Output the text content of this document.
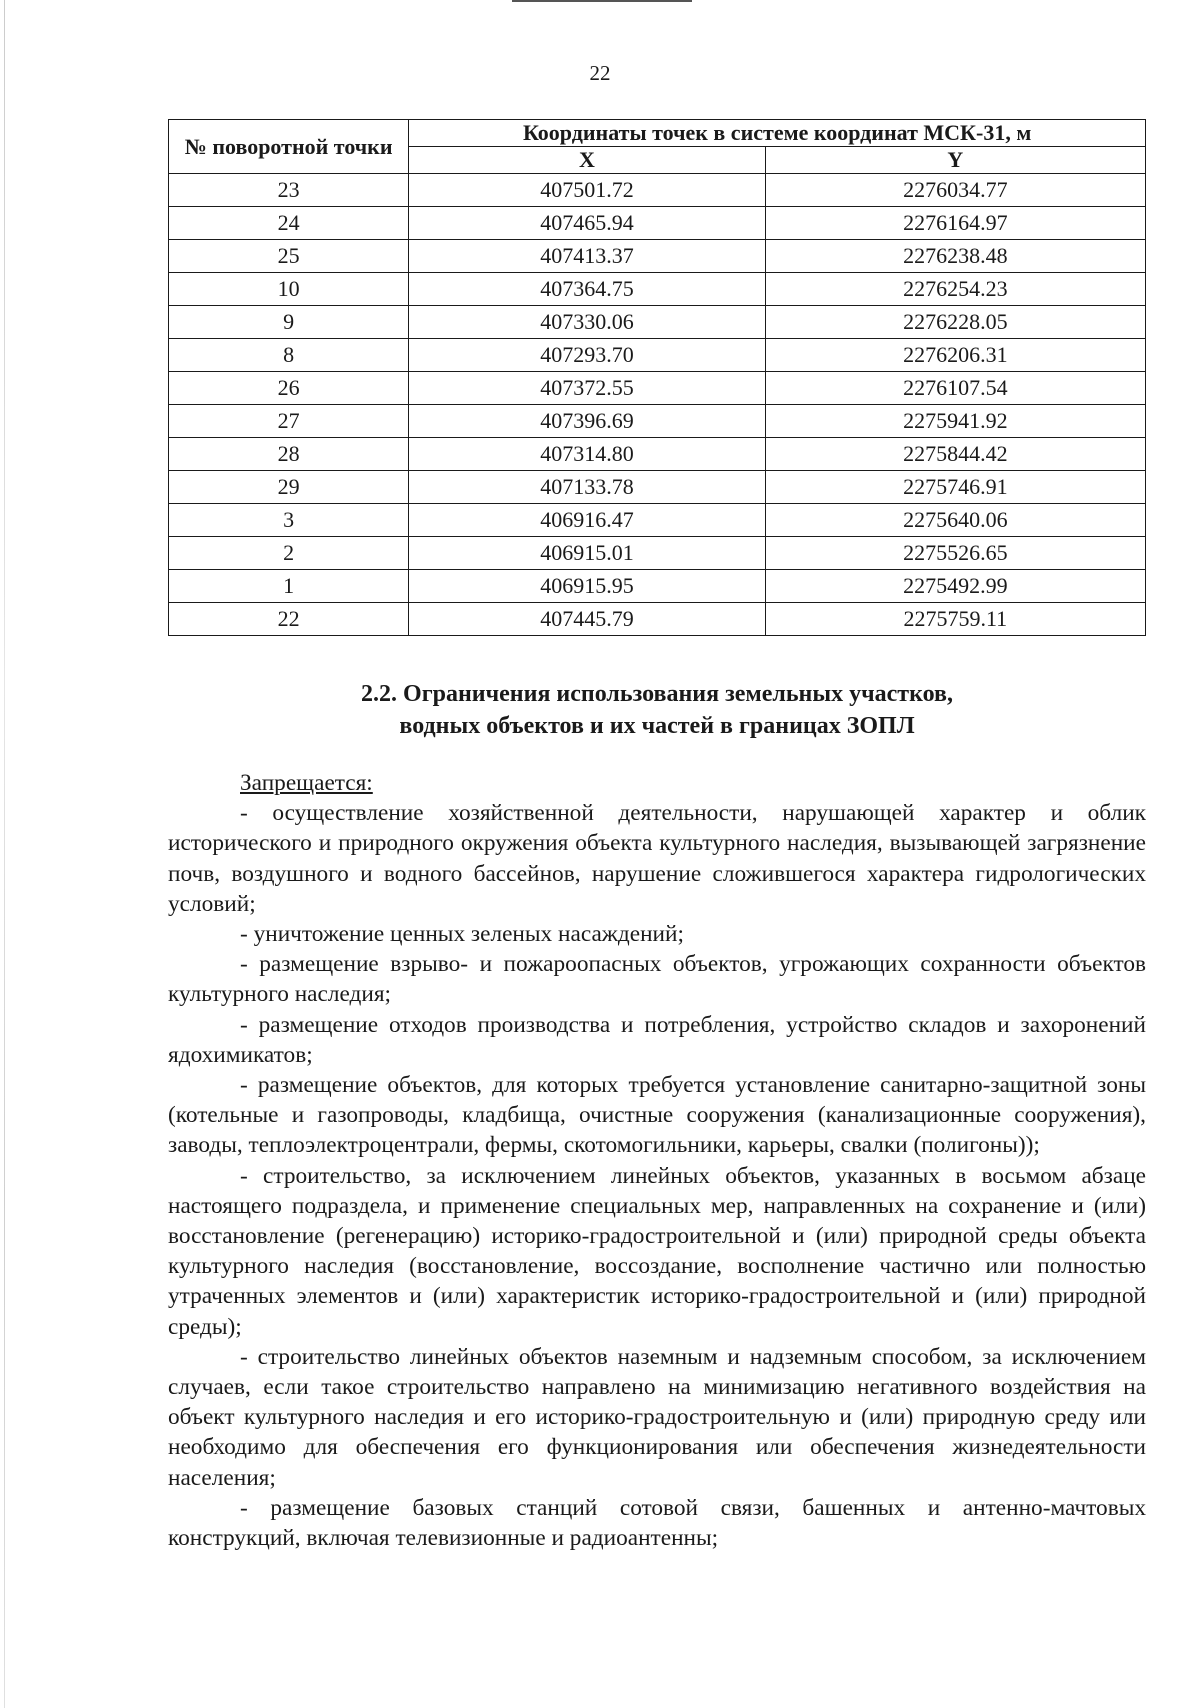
22
№ поворотной точки	Координаты точек в системе координат МСК-31, м	
	X	Y
23	407501.72	2276034.77
24	407465.94	2276164.97
25	407413.37	2276238.48
10	407364.75	2276254.23
9	407330.06	2276228.05
8	407293.70	2276206.31
26	407372.55	2276107.54
27	407396.69	2275941.92
28	407314.80	2275844.42
29	407133.78	2275746.91
3	406916.47	2275640.06
2	406915.01	2275526.65
1	406915.95	2275492.99
22	407445.79	2275759.11
2.2. Ограничения использования земельных участков,
водных объектов и их частей в границах ЗОПЛ

Запрещается:

- осуществление хозяйственной деятельности, нарушающей характер и облик исторического и природного окружения объекта культурного наследия, вызывающей загрязнение почв, воздушного и водного бассейнов, нарушение сложившегося характера гидрологических условий;

- уничтожение ценных зеленых насаждений;

- размещение взрыво- и пожароопасных объектов, угрожающих сохранности объектов культурного наследия;

- размещение отходов производства и потребления, устройство складов и захоронений ядохимикатов;

- размещение объектов, для которых требуется установление санитарно-защитной зоны (котельные и газопроводы, кладбища, очистные сооружения (канализационные сооружения), заводы, теплоэлектроцентрали, фермы, скотомогильники, карьеры, свалки (полигоны));

- строительство, за исключением линейных объектов, указанных в восьмом абзаце настоящего подраздела, и применение специальных мер, направленных на сохранение и (или) восстановление (регенерацию) историко-градостроительной и (или) природной среды объекта культурного наследия (восстановление, воссоздание, восполнение частично или полностью утраченных элементов и (или) характеристик историко-градостроительной и (или) природной среды);

- строительство линейных объектов наземным и надземным способом, за исключением случаев, если такое строительство направлено на минимизацию негативного воздействия на объект культурного наследия и его историко-градостроительную и (или) природную среду или необходимо для обеспечения его функционирования или обеспечения жизнедеятельности населения;

- размещение базовых станций сотовой связи, башенных и антенно-мачтовых конструкций, включая телевизионные и радиоантенны;
